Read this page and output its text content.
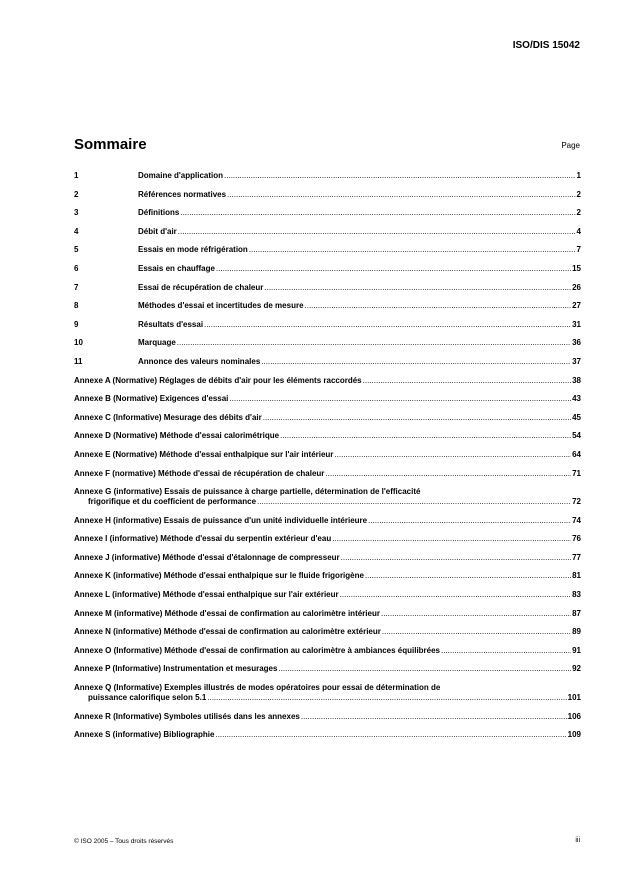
ISO/DIS 15042
Sommaire	Page
1	Domaine d'application .....	1
2	Références normatives .....	2
3	Définitions .....	2
4	Débit d'air .....	4
5	Essais en mode réfrigération .....	7
6	Essais en chauffage .....	15
7	Essai de récupération de chaleur .....	26
8	Méthodes d'essai et incertitudes de mesure .....	27
9	Résultats d'essai .....	31
10	Marquage .....	36
11	Annonce des valeurs nominales .....	37
Annexe A (Normative) Réglages de débits d'air pour les éléments raccordés .....	38
Annexe B (Normative) Exigences d'essai .....	43
Annexe C (Informative) Mesurage des débits d'air .....	45
Annexe D (Normative) Méthode d'essai calorimétrique .....	54
Annexe E (Normative) Méthode d'essai enthalpique sur l'air intérieur .....	64
Annexe F (normative) Méthode d'essai de récupération de chaleur .....	71
Annexe G (informative) Essais de puissance à charge partielle, détermination de l'efficacité
frigorifique et du coefficient de performance .....	72
Annexe H (informative) Essais de puissance d'un unité individuelle intérieure .....	74
Annexe I (informative) Méthode d'essai du serpentin extérieur d'eau .....	76
Annexe J (informative) Méthode d'essai d'étalonnage de compresseur .....	77
Annexe K (informative) Méthode d'essai enthalpique sur le fluide frigorigène .....	81
Annexe L (informative) Méthode d'essai enthalpique sur l'air extérieur .....	83
Annexe M (informative) Méthode d'essai de confirmation au calorimètre intérieur .....	87
Annexe N (informative) Méthode d'essai de confirmation au calorimètre extérieur .....	89
Annexe O (Informative) Méthode d'essai de confirmation au calorimètre à ambiances équilibrées .....	91
Annexe P (Informative) Instrumentation et mesurages .....	92
Annexe Q (Informative) Exemples illustrés de modes opératoires pour essai de détermination de
puissance calorifique selon 5.1 .....	101
Annexe R (Informative) Symboles utilisés dans les annexes .....	106
Annexe S (informative) Bibliographie .....	109
© ISO 2005 – Tous droits réservés	iii
